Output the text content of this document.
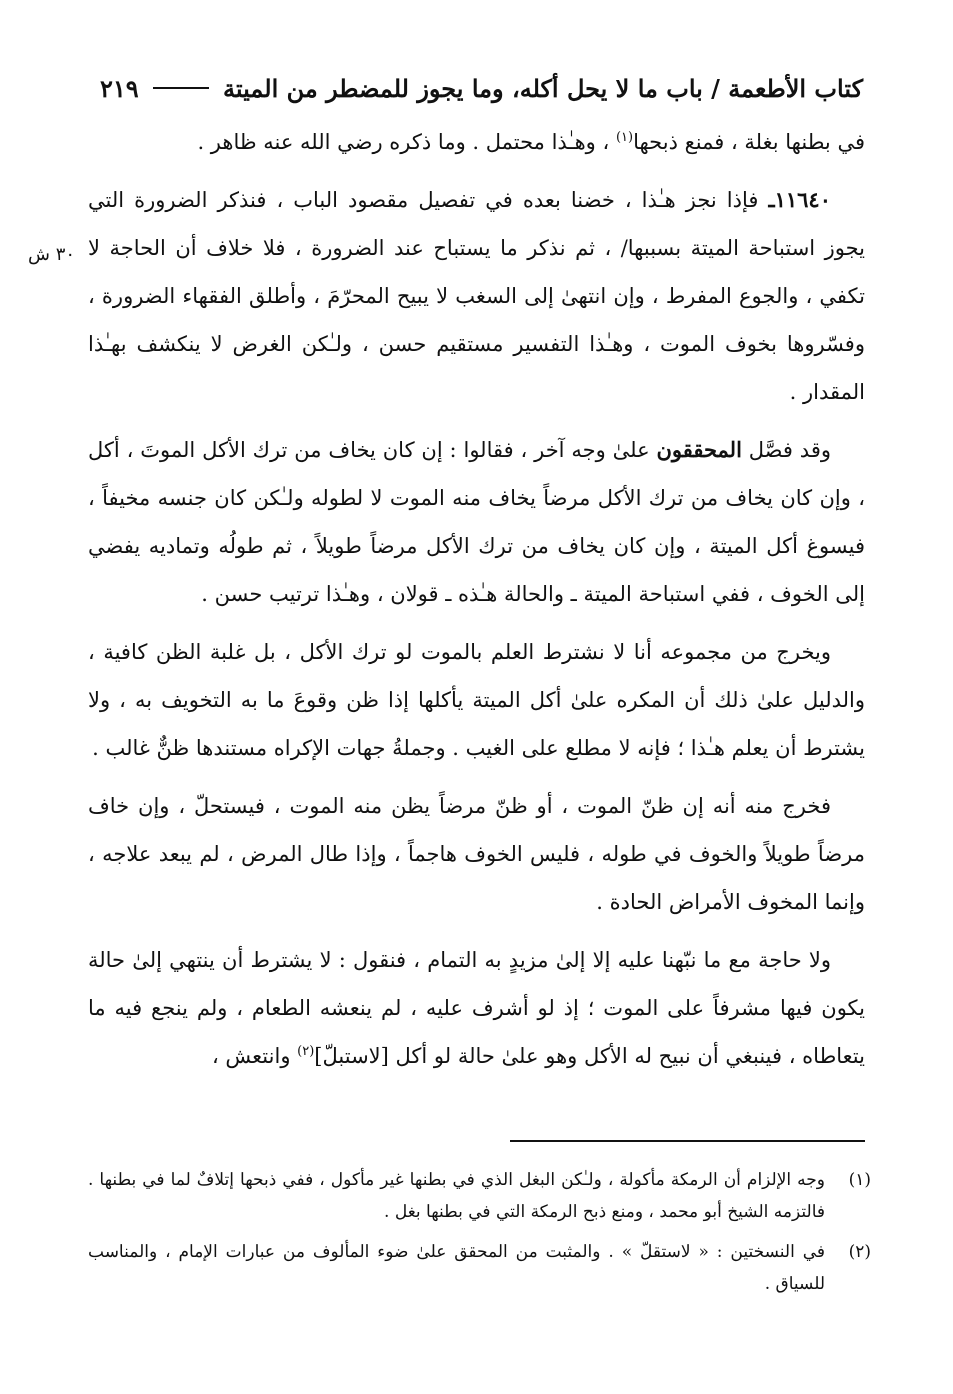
كتاب الأطعمة / باب ما لا يحل أكله، وما يجوز للمضطر من الميتة
٢١٩
٣٠ ش

في بطنها بغلة ، فمنع ذبحها$^{(١)}$ ، وهـٰذا محتمل . وما ذكره رضي الله عنه ظاهر .

١١٦٤٠ـ فإذا نجز هـٰذا ، خضنا بعده في تفصيل مقصود الباب ، فنذكر الضرورة التي يجوز استباحة الميتة بسببها/ ، ثم نذكر ما يستباح عند الضرورة ، فلا خلاف أن الحاجة لا تكفي ، والجوع المفرط ، وإن انتهىٰ إلى السغب لا يبيح المحرّمَ ، وأطلق الفقهاء الضرورة ، وفسّروها بخوف الموت ، وهـٰذا التفسير مستقيم حسن ، ولـٰكن الغرض لا ينكشف بهـٰذا المقدار .

وقد فصَّل المحققون علىٰ وجه آخر ، فقالوا : إن كان يخاف من ترك الأكل الموتَ ، أكل ، وإن كان يخاف من ترك الأكل مرضاً يخاف منه الموت لا لطوله ولـٰكن كان جنسه مخيفاً ، فيسوغ أكل الميتة ، وإن كان يخاف من ترك الأكل مرضاً طويلاً ، ثم طولُه وتماديه يفضي إلى الخوف ، ففي استباحة الميتة ـ والحالة هـٰذه ـ قولان ، وهـٰذا ترتيب حسن .

ويخرج من مجموعه أنا لا نشترط العلم بالموت لو ترك الأكل ، بل غلبة الظن كافية ، والدليل علىٰ ذلك أن المكره علىٰ أكل الميتة يأكلها إذا ظن وقوعَ ما به التخويف به ، ولا يشترط أن يعلم هـٰذا ؛ فإنه لا مطلع على الغيب . وجملةُ جهات الإكراه مستندها ظنٌّ غالب .

فخرج منه أنه إن ظنّ الموت ، أو ظنّ مرضاً يظن منه الموت ، فيستحلّ ، وإن خاف مرضاً طويلاً والخوف في طوله ، فليس الخوف هاجماً ، وإذا طال المرض ، لم يبعد علاجه ، وإنما المخوف الأمراض الحادة .

ولا حاجة مع ما نبّهنا عليه إلا إلىٰ مزيدٍ به التمام ، فنقول : لا يشترط أن ينتهي إلىٰ حالة يكون فيها مشرفاً على الموت ؛ إذ لو أشرف عليه ، لم ينعشه الطعام ، ولم ينجع فيه ما يتعاطاه ، فينبغي أن نبيح له الأكل وهو علىٰ حالة لو أكل [لاستبلّ]$^{(٢)}$ وانتعش ،

(١)
وجه الإلزام أن الرمكة مأكولة ، ولـٰكن البغل الذي في بطنها غير مأكول ، ففي ذبحها إتلافٌ لما في بطنها . فالتزمه الشيخ أبو محمد ، ومنع ذبح الرمكة التي في بطنها بغل .
(٢)
في النسختين : « لاستقلّ » . والمثبت من المحقق علىٰ ضوء المألوف من عبارات الإمام ، والمناسب للسياق .
